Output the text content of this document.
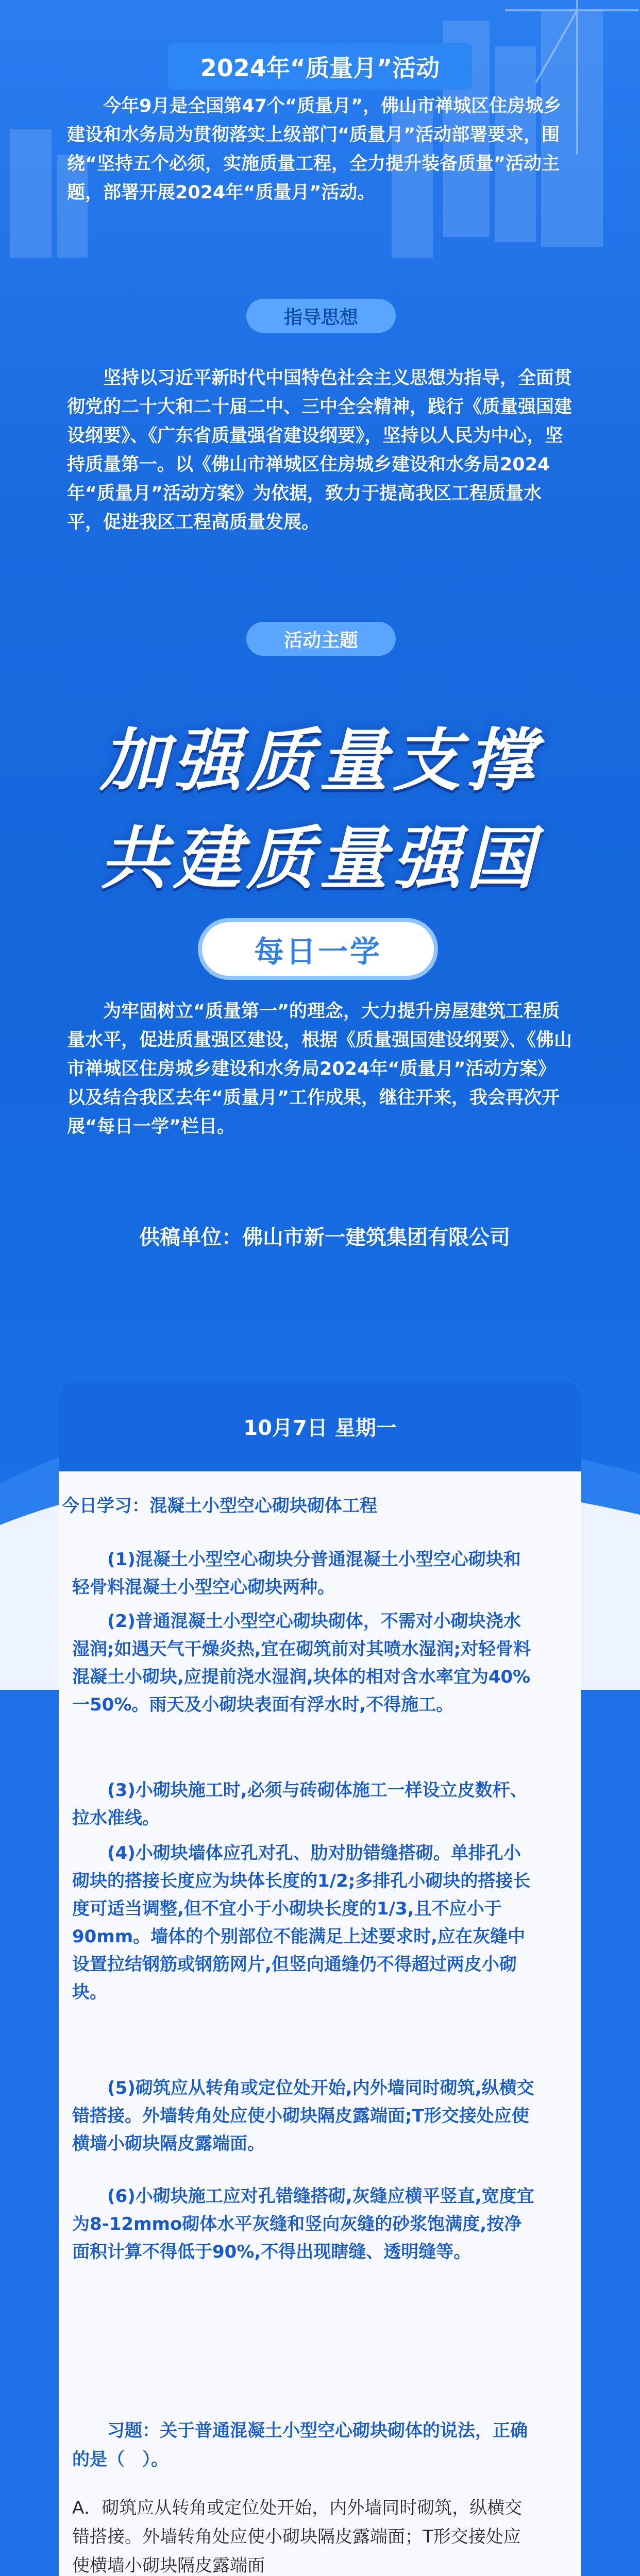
2024年“质量月”活动
今年9月是全国第47个“质量月”，佛山市禅城区住房城乡建设和水务局为贯彻落实上级部门“质量月”活动部署要求，围绕“坚持五个必须，实施质量工程，全力提升装备质量”活动主题，部署开展2024年“质量月”活动。
指导思想
坚持以习近平新时代中国特色社会主义思想为指导，全面贯彻党的二十大和二十届二中、三中全会精神，践行《质量强国建设纲要》、《广东省质量强省建设纲要》，坚持以人民为中心，坚持质量第一。以《佛山市禅城区住房城乡建设和水务局2024年“质量月”活动方案》为依据，致力于提高我区工程质量水平，促进我区工程高质量发展。
活动主题
加强质量支撑
共建质量强国
每日一学
为牢固树立“质量第一”的理念，大力提升房屋建筑工程质量水平，促进质量强区建设，根据《质量强国建设纲要》、《佛山市禅城区住房城乡建设和水务局2024年“质量月”活动方案》以及结合我区去年“质量月”工作成果，继往开来，我会再次开展“每日一学”栏目。
供稿单位：佛山市新一建筑集团有限公司
10月7日 星期一
今日学习：混凝土小型空心砌块砌体工程
(1)混凝土小型空心砌块分普通混凝土小型空心砌块和轻骨料混凝土小型空心砌块两种。
(2)普通混凝土小型空心砌块砌体，不需对小砌块浇水湿润;如遇天气干燥炎热,宜在砌筑前对其喷水湿润;对轻骨料混凝土小砌块,应提前浇水湿润,块体的相对含水率宜为40%一50%。雨天及小砌块表面有浮水时,不得施工。
(3)小砌块施工时,必须与砖砌体施工一样设立皮数杆、拉水准线。
(4)小砌块墙体应孔对孔、肋对肋错缝搭砌。单排孔小砌块的搭接长度应为块体长度的1/2;多排孔小砌块的搭接长度可适当调整,但不宜小于小砌块长度的1/3,且不应小于90mm。墙体的个别部位不能满足上述要求时,应在灰缝中设置拉结钢筋或钢筋网片,但竖向通缝仍不得超过两皮小砌块。
(5)砌筑应从转角或定位处开始,内外墙同时砌筑,纵横交错搭接。外墙转角处应使小砌块隔皮露端面;T形交接处应使横墙小砌块隔皮露端面。
(6)小砌块施工应对孔错缝搭砌,灰缝应横平竖直,宽度宜为8-12mmo砌体水平灰缝和竖向灰缝的砂浆饱满度,按净面积计算不得低于90%,不得出现瞎缝、透明缝等。
习题：关于普通混凝土小型空心砌块砌体的说法，正确的是（　）。
A．砌筑应从转角或定位处开始，内外墙同时砌筑，纵横交错搭接。外墙转角处应使小砌块隔皮露端面；T形交接处应使横墙小砌块隔皮露端面
